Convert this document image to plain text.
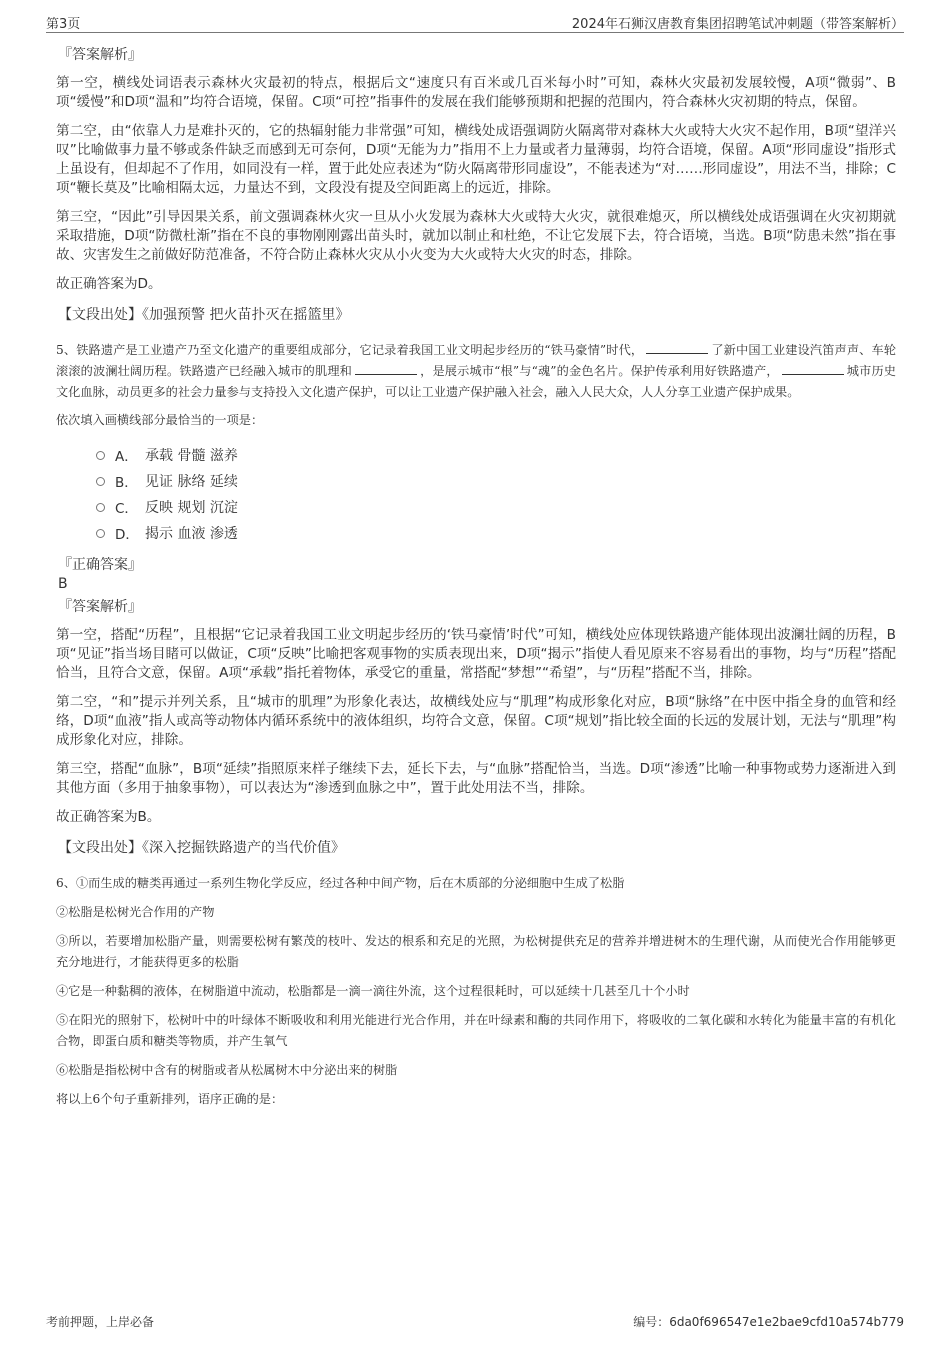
第3页	2024年石狮汉唐教育集团招聘笔试冲刺题（带答案解析）
『答案解析』

第一空，横线处词语表示森林火灾最初的特点，根据后文“速度只有百米或几百米每小时”可知，森林火灾最初发展较慢，A项“微弱”、B项“缓慢”和D项“温和”均符合语境，保留。C项“可控”指事件的发展在我们能够预期和把握的范围内，符合森林火灾初期的特点，保留。

第二空，由“依靠人力是难扑灭的，它的热辐射能力非常强”可知，横线处成语强调防火隔离带对森林大火或特大火灾不起作用，B项“望洋兴叹”比喻做事力量不够或条件缺乏而感到无可奈何，D项“无能为力”指用不上力量或者力量薄弱，均符合语境，保留。A项“形同虚设”指形式上虽设有，但却起不了作用，如同没有一样，置于此处应表述为“防火隔离带形同虚设”，不能表述为“对……形同虚设”，用法不当，排除；C项“鞭长莫及”比喻相隔太远，力量达不到，文段没有提及空间距离上的远近，排除。

第三空，“因此”引导因果关系，前文强调森林火灾一旦从小火发展为森林大火或特大火灾，就很难熄灭，所以横线处成语强调在火灾初期就采取措施，D项“防微杜渐”指在不良的事物刚刚露出苗头时，就加以制止和杜绝，不让它发展下去，符合语境，当选。B项“防患未然”指在事故、灾害发生之前做好防范准备，不符合防止森林火灾从小火变为大火或特大火灾的时态，排除。

故正确答案为D。

【文段出处】《加强预警 把火苗扑灭在摇篮里》

5、铁路遗产是工业遗产乃至文化遗产的重要组成部分，它记录着我国工业文明起步经历的“铁马豪情”时代，	了新中国工业建设汽笛声声、车轮滚滚的波澜壮阔历程。铁路遗产已经融入城市的肌理和	，是展示城市“根”与“魂”的金色名片。保护传承利用好铁路遗产，	城市历史文化血脉，动员更多的社会力量参与支持投入文化遗产保护，可以让工业遗产保护融入社会，融入人民大众，人人分享工业遗产保护成果。

依次填入画横线部分最恰当的一项是：
A． 承载 骨髓 滋养
B． 见证 脉络 延续
C． 反映 规划 沉淀
D． 揭示 血液 渗透
『正确答案』
B
『答案解析』

第一空，搭配“历程”，且根据“它记录着我国工业文明起步经历的‘铁马豪情’时代”可知，横线处应体现铁路遗产能体现出波澜壮阔的历程，B项“见证”指当场目睹可以做证，C项“反映”比喻把客观事物的实质表现出来，D项“揭示”指使人看见原来不容易看出的事物，均与“历程”搭配恰当，且符合文意，保留。A项“承载”指托着物体，承受它的重量，常搭配“梦想”“希望”，与“历程”搭配不当，排除。

第二空，“和”提示并列关系，且“城市的肌理”为形象化表达，故横线处应与“肌理”构成形象化对应，B项“脉络”在中医中指全身的血管和经络，D项“血液”指人或高等动物体内循环系统中的液体组织，均符合文意，保留。C项“规划”指比较全面的长远的发展计划，无法与“肌理”构成形象化对应，排除。

第三空，搭配“血脉”，B项“延续”指照原来样子继续下去，延长下去，与“血脉”搭配恰当，当选。D项“渗透”比喻一种事物或势力逐渐进入到其他方面（多用于抽象事物），可以表达为“渗透到血脉之中”，置于此处用法不当，排除。

故正确答案为B。

【文段出处】《深入挖掘铁路遗产的当代价值》

6、①而生成的糖类再通过一系列生物化学反应，经过各种中间产物，后在木质部的分泌细胞中生成了松脂

②松脂是松树光合作用的产物

③所以，若要增加松脂产量，则需要松树有繁茂的枝叶、发达的根系和充足的光照，为松树提供充足的营养并增进树木的生理代谢，从而使光合作用能够更充分地进行，才能获得更多的松脂

④它是一种黏稠的液体，在树脂道中流动，松脂都是一滴一滴往外流，这个过程很耗时，可以延续十几甚至几十个小时

⑤在阳光的照射下，松树叶中的叶绿体不断吸收和利用光能进行光合作用，并在叶绿素和酶的共同作用下，将吸收的二氧化碳和水转化为能量丰富的有机化合物，即蛋白质和糖类等物质，并产生氧气

⑥松脂是指松树中含有的树脂或者从松属树木中分泌出来的树脂

将以上6个句子重新排列，语序正确的是：

考前押题，上岸必备	编号：6da0f696547e1e2bae9cfd10a574b779
